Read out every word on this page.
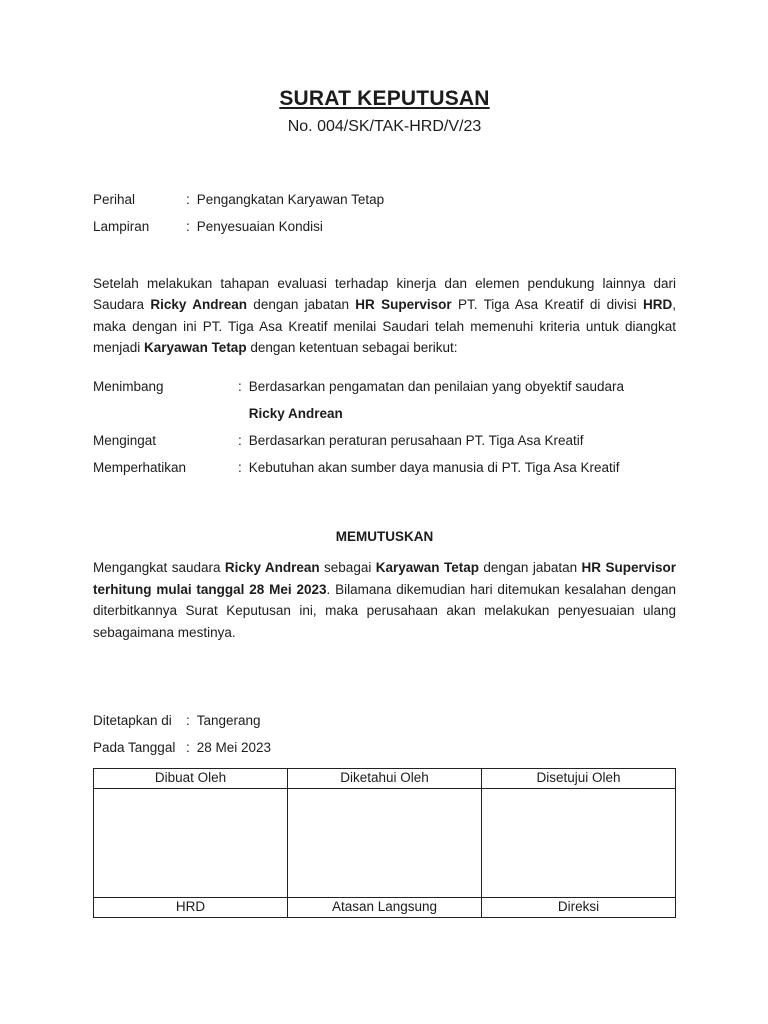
SURAT KEPUTUSAN
No. 004/SK/TAK-HRD/V/23
Perihal	: Pengangkatan Karyawan Tetap
Lampiran	: Penyesuaian Kondisi
Setelah melakukan tahapan evaluasi terhadap kinerja dan elemen pendukung lainnya dari Saudara Ricky Andrean dengan jabatan HR Supervisor PT. Tiga Asa Kreatif di divisi HRD, maka dengan ini PT. Tiga Asa Kreatif menilai Saudari telah memenuhi kriteria untuk diangkat menjadi Karyawan Tetap dengan ketentuan sebagai berikut:
Menimbang	: Berdasarkan pengamatan dan penilaian yang obyektif saudara
Ricky Andrean
Mengingat	: Berdasarkan peraturan perusahaan PT. Tiga Asa Kreatif
Memperhatikan	: Kebutuhan akan sumber daya manusia di PT. Tiga Asa Kreatif
MEMUTUSKAN
Mengangkat saudara Ricky Andrean sebagai Karyawan Tetap dengan jabatan HR Supervisor terhitung mulai tanggal 28 Mei 2023. Bilamana dikemudian hari ditemukan kesalahan dengan diterbitkannya Surat Keputusan ini, maka perusahaan akan melakukan penyesuaian ulang sebagaimana mestinya.
Ditetapkan di	: Tangerang
Pada Tanggal : 28 Mei 2023
Dibuat Oleh	Diketahui Oleh	Disetujui Oleh

HRD	Atasan Langsung	Direksi
